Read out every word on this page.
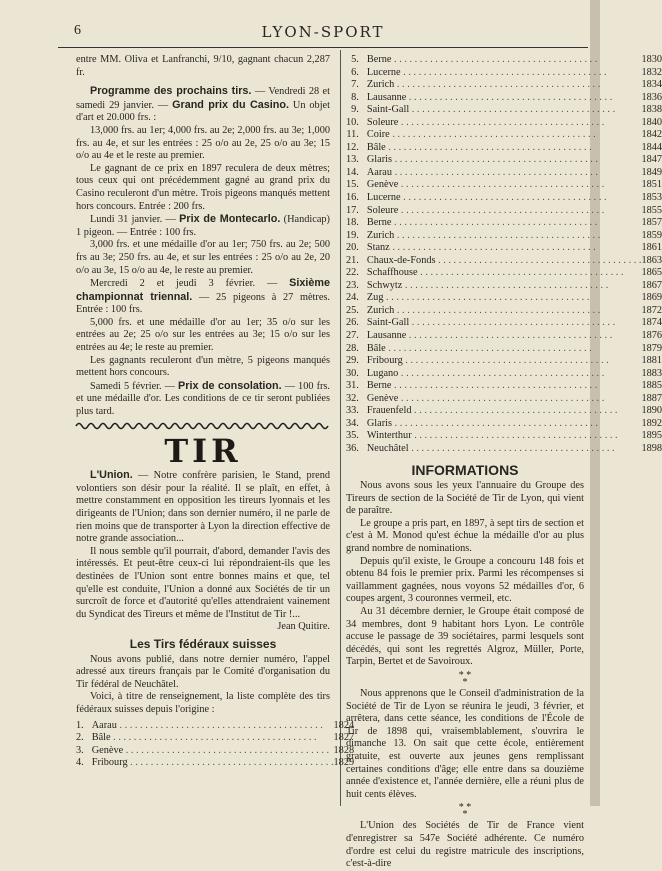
6	LYON-SPORT

entre MM. Oliva et Lanfranchi, 9/10, gagnant chacun 2,287 fr.

Programme des prochains tirs. — Vendredi 28 et samedi 29 janvier. — Grand prix du Casino. Un objet d'art et 20.000 frs. :

13,000 frs. au 1er; 4,000 frs. au 2e; 2,000 frs. au 3e; 1,000 frs. au 4e, et sur les entrées : 25 o/o au 2e, 25 o/o au 3e; 15 o/o au 4e et le reste au premier.

Le gagnant de ce prix en 1897 reculera de deux mètres; tous ceux qui ont précédemment gagné au grand prix du Casino reculeront d'un mètre. Trois pigeons manqués mettent hors concours. Entrée : 200 frs.

Lundi 31 janvier. — Prix de Montecarlo. (Handicap) 1 pigeon. — Entrée : 100 frs.

3,000 frs. et une médaille d'or au 1er; 750 frs. au 2e; 500 frs au 3e; 250 frs. au 4e, et sur les entrées : 25 o/o au 2e, 20 o/o au 3e, 15 o/o au 4e, le reste au premier.

Mercredi 2 et jeudi 3 février. — Sixième championnat triennal. — 25 pigeons à 27 mètres. Entrée : 100 frs.

5,000 frs. et une médaille d'or au 1er; 35 o/o sur les entrées au 2e; 25 o/o sur les entrées au 3e; 15 o/o sur les entrées au 4e; le reste au premier.

Les gagnants reculeront d'un mètre, 5 pigeons manqués mettent hors concours.

Samedi 5 février. — Prix de consolation. — 100 frs. et une médaille d'or. Les conditions de ce tir seront publiées plus tard.

TIR

L'Union. — Notre confrère parisien, le Stand, prend volontiers son désir pour la réalité. Il se plaît, en effet, à mettre constamment en opposition les tireurs lyonnais et les dirigeants de l'Union; dans son dernier numéro, il ne parle de rien moins que de transporter à Lyon la direction effective de notre grande association...

Il nous semble qu'il pourrait, d'abord, demander l'avis des intéressés. Et peut-être ceux-ci lui répondraient-ils que les destinées de l'Union sont entre bonnes mains et que, tel qu'elle est conduite, l'Union a donné aux Sociétés de tir un surcroît de force et d'autorité qu'elles attendraient vainement du Syndicat des Tireurs et même de l'Institut de Tir !...

Jean Quitire.

Les Tirs fédéraux suisses

Nous avons publié, dans notre dernier numéro, l'appel adressé aux tireurs français par le Comité d'organisation du Tir fédéral de Neuchâtel.

Voici, à titre de renseignement, la liste complète des tirs fédéraux suisses depuis l'origine :

1.	Aarau . . . . . . . . . . . . . . . . . . . . . . . . . . . . . . . . . . . . . . . .	1824
2.	Bâle . . . . . . . . . . . . . . . . . . . . . . . . . . . . . . . . . . . . . . . .	1827
3.	Genève . . . . . . . . . . . . . . . . . . . . . . . . . . . . . . . . . . . . . . . .	1828
4.	Fribourg . . . . . . . . . . . . . . . . . . . . . . . . . . . . . . . . . . . . . . . .	1829
5.	Berne . . . . . . . . . . . . . . . . . . . . . . . . . . . . . . . . . . . . . . . .	1830
6.	Lucerne . . . . . . . . . . . . . . . . . . . . . . . . . . . . . . . . . . . . . . . .	1832
7.	Zurich . . . . . . . . . . . . . . . . . . . . . . . . . . . . . . . . . . . . . . . .	1834
8.	Lausanne . . . . . . . . . . . . . . . . . . . . . . . . . . . . . . . . . . . . . . . .	1836
9.	Saint-Gall . . . . . . . . . . . . . . . . . . . . . . . . . . . . . . . . . . . . . . . .	1838
10.	Soleure . . . . . . . . . . . . . . . . . . . . . . . . . . . . . . . . . . . . . . . .	1840
11.	Coire . . . . . . . . . . . . . . . . . . . . . . . . . . . . . . . . . . . . . . . .	1842
12.	Bâle . . . . . . . . . . . . . . . . . . . . . . . . . . . . . . . . . . . . . . . .	1844
13.	Glaris . . . . . . . . . . . . . . . . . . . . . . . . . . . . . . . . . . . . . . . .	1847
14.	Aarau . . . . . . . . . . . . . . . . . . . . . . . . . . . . . . . . . . . . . . . .	1849
15.	Genève . . . . . . . . . . . . . . . . . . . . . . . . . . . . . . . . . . . . . . . .	1851
16.	Lucerne . . . . . . . . . . . . . . . . . . . . . . . . . . . . . . . . . . . . . . . .	1853
17.	Soleure . . . . . . . . . . . . . . . . . . . . . . . . . . . . . . . . . . . . . . . .	1855
18.	Berne . . . . . . . . . . . . . . . . . . . . . . . . . . . . . . . . . . . . . . . .	1857
19.	Zurich . . . . . . . . . . . . . . . . . . . . . . . . . . . . . . . . . . . . . . . .	1859
20.	Stanz . . . . . . . . . . . . . . . . . . . . . . . . . . . . . . . . . . . . . . . .	1861
21.	Chaux-de-Fonds . . . . . . . . . . . . . . . . . . . . . . . . . . . . . . . . . . . . . . . .	1863
22.	Schaffhouse . . . . . . . . . . . . . . . . . . . . . . . . . . . . . . . . . . . . . . . .	1865
23.	Schwytz . . . . . . . . . . . . . . . . . . . . . . . . . . . . . . . . . . . . . . . .	1867
24.	Zug . . . . . . . . . . . . . . . . . . . . . . . . . . . . . . . . . . . . . . . .	1869
25.	Zurich . . . . . . . . . . . . . . . . . . . . . . . . . . . . . . . . . . . . . . . .	1872
26.	Saint-Gall . . . . . . . . . . . . . . . . . . . . . . . . . . . . . . . . . . . . . . . .	1874
27.	Lausanne . . . . . . . . . . . . . . . . . . . . . . . . . . . . . . . . . . . . . . . .	1876
28.	Bâle . . . . . . . . . . . . . . . . . . . . . . . . . . . . . . . . . . . . . . . .	1879
29.	Fribourg . . . . . . . . . . . . . . . . . . . . . . . . . . . . . . . . . . . . . . . .	1881
30.	Lugano . . . . . . . . . . . . . . . . . . . . . . . . . . . . . . . . . . . . . . . .	1883
31.	Berne . . . . . . . . . . . . . . . . . . . . . . . . . . . . . . . . . . . . . . . .	1885
32.	Genève . . . . . . . . . . . . . . . . . . . . . . . . . . . . . . . . . . . . . . . .	1887
33.	Frauenfeld . . . . . . . . . . . . . . . . . . . . . . . . . . . . . . . . . . . . . . . .	1890
34.	Glaris . . . . . . . . . . . . . . . . . . . . . . . . . . . . . . . . . . . . . . . .	1892
35.	Winterthur . . . . . . . . . . . . . . . . . . . . . . . . . . . . . . . . . . . . . . . .	1895
36.	Neuchâtel . . . . . . . . . . . . . . . . . . . . . . . . . . . . . . . . . . . . . . . .	1898
INFORMATIONS

Nous avons sous les yeux l'annuaire du Groupe des Tireurs de section de la Société de Tir de Lyon, qui vient de paraître.

Le groupe a pris part, en 1897, à sept tirs de section et c'est à M. Monod qu'est échue la médaille d'or au plus grand nombre de nominations.

Depuis qu'il existe, le Groupe a concouru 148 fois et obtenu 84 fois le premier prix. Parmi les récompenses si vaillamment gagnées, nous voyons 52 médailles d'or, 6 coupes argent, 3 couronnes vermeil, etc.

Au 31 décembre dernier, le Groupe était composé de 34 membres, dont 9 habitant hors Lyon. Le contrôle accuse le passage de 39 sociétaires, parmi lesquels sont décédés, qui sont les regrettés Algroz, Müller, Porte, Tarpin, Bertet et de Savoiroux.

* *
*

Nous apprenons que le Conseil d'administration de la Société de Tir de Lyon se réunira le jeudi, 3 février, et arrêtera, dans cette séance, les conditions de l'École de Tir de 1898 qui, vraisemblablement, s'ouvrira le dimanche 13. On sait que cette école, entièrement gratuite, est ouverte aux jeunes gens remplissant certaines conditions d'âge; elle entre dans sa douzième année d'existence et, l'année dernière, elle a réuni plus de huit cents élèves.

* *
*

L'Union des Sociétés de Tir de France vient d'enregistrer sa 547e Société adhérente. Ce numéro d'ordre est celui du registre matricule des inscriptions, c'est-à-dire
